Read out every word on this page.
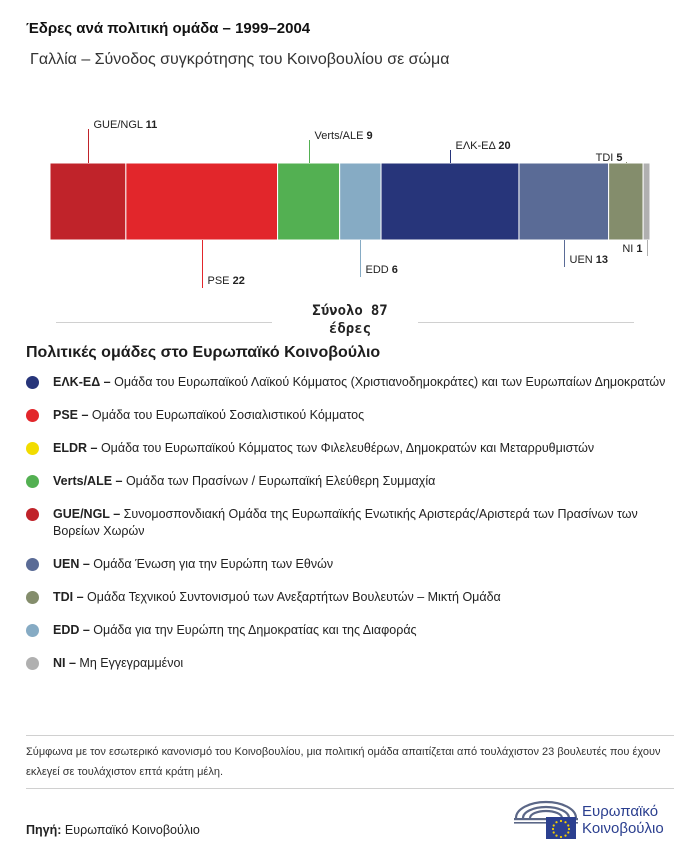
Έδρες ανά πολιτική ομάδα – 1999–2004
Γαλλία – Σύνοδος συγκρότησης του Κοινοβουλίου σε σώμα
GUE/NGL 11
PSE 22
Verts/ALE 9
EDD 6
ΕΛΚ-ΕΔ 20
UEN 13
TDI 5
NI 1
Σύνολο 87
έδρες
Πολιτικές ομάδες στο Ευρωπαϊκό Κοινοβούλιο
ΕΛΚ-ΕΔ – Ομάδα του Ευρωπαϊκού Λαϊκού Κόμματος (Χριστιανοδημοκράτες) και των Ευρωπαίων Δημοκρατών
PSE – Ομάδα του Ευρωπαϊκού Σοσιαλιστικού Κόμματος
ELDR – Ομάδα του Ευρωπαϊκού Κόμματος των Φιλελευθέρων, Δημοκρατών και Μεταρρυθμιστών
Verts/ALE – Ομάδα των Πρασίνων / Ευρωπαϊκή Ελεύθερη Συμμαχία
GUE/NGL – Συνομοσπονδιακή Ομάδα της Ευρωπαϊκής Ενωτικής Αριστεράς/Αριστερά των Πρασίνων των Βορείων Χωρών
UEN – Ομάδα Ένωση για την Ευρώπη των Εθνών
TDI – Ομάδα Τεχνικού Συντονισμού των Ανεξαρτήτων Βουλευτών – Μικτή Ομάδα
EDD – Ομάδα για την Ευρώπη της Δημοκρατίας και της Διαφοράς
NI – Μη Εγγεγραμμένοι
Σύμφωνα με τον εσωτερικό κανονισμό του Κοινοβουλίου, μια πολιτική ομάδα απαιτίζεται από τουλάχιστον 23 βουλευτές που έχουν εκλεγεί σε τουλάχιστον επτά κράτη μέλη.
Πηγή: Ευρωπαϊκό Κοινοβούλιο
Ευρωπαϊκό
Κοινοβούλιο
